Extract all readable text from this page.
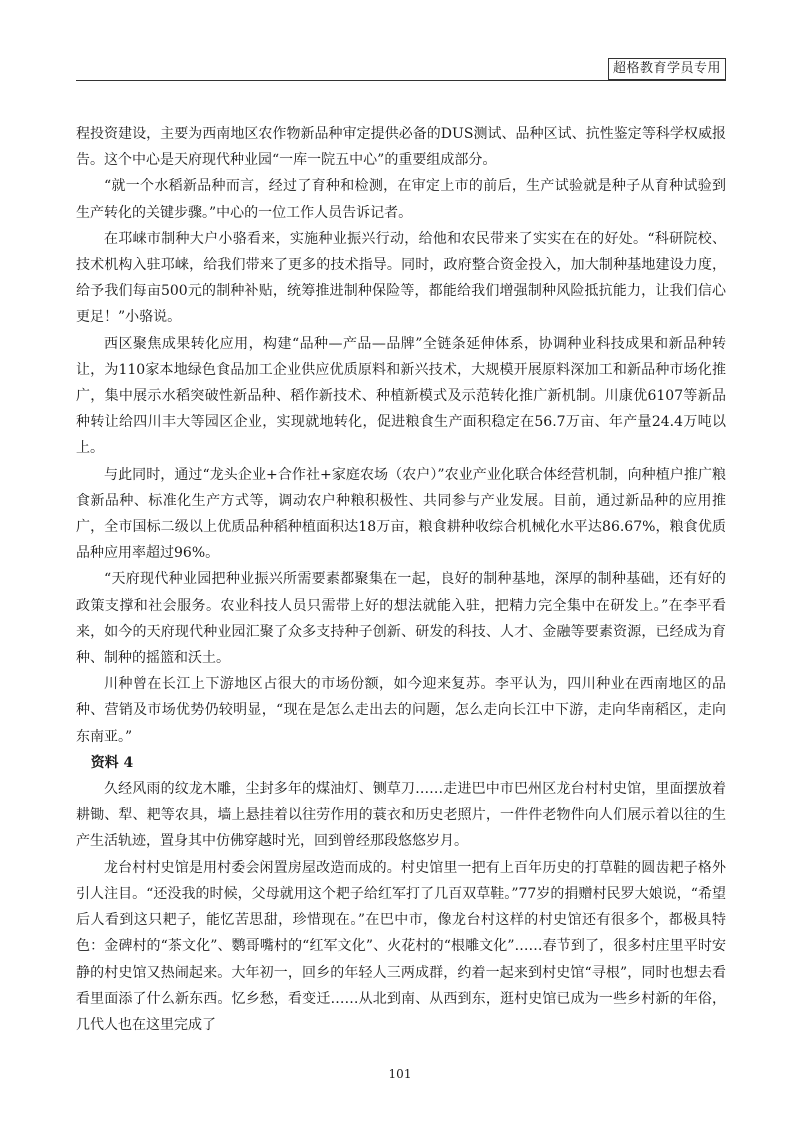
超格教育学员专用

程投资建设，主要为西南地区农作物新品种审定提供必备的DUS测试、品种区试、抗性鉴定等科学权威报告。这个中心是天府现代种业园“一库一院五中心”的重要组成部分。

“就一个水稻新品种而言，经过了育种和检测，在审定上市的前后，生产试验就是种子从育种试验到生产转化的关键步骤。”中心的一位工作人员告诉记者。

在邛崃市制种大户小骆看来，实施种业振兴行动，给他和农民带来了实实在在的好处。“科研院校、技术机构入驻邛崃，给我们带来了更多的技术指导。同时，政府整合资金投入，加大制种基地建设力度，给予我们每亩500元的制种补贴，统筹推进制种保险等，都能给我们增强制种风险抵抗能力，让我们信心更足！”小骆说。

西区聚焦成果转化应用，构建“品种—产品—品牌”全链条延伸体系，协调种业科技成果和新品种转让，为110家本地绿色食品加工企业供应优质原料和新兴技术，大规模开展原料深加工和新品种市场化推广，集中展示水稻突破性新品种、稻作新技术、种植新模式及示范转化推广新机制。川康优6107等新品种转让给四川丰大等园区企业，实现就地转化，促进粮食生产面积稳定在56.7万亩、年产量24.4万吨以上。

与此同时，通过“龙头企业+合作社+家庭农场（农户）”农业产业化联合体经营机制，向种植户推广粮食新品种、标准化生产方式等，调动农户种粮积极性、共同参与产业发展。目前，通过新品种的应用推广，全市国标二级以上优质品种稻种植面积达18万亩，粮食耕种收综合机械化水平达86.67%，粮食优质品种应用率超过96%。

“天府现代种业园把种业振兴所需要素都聚集在一起，良好的制种基地，深厚的制种基础，还有好的政策支撑和社会服务。农业科技人员只需带上好的想法就能入驻，把精力完全集中在研发上。”在李平看来，如今的天府现代种业园汇聚了众多支持种子创新、研发的科技、人才、金融等要素资源，已经成为育种、制种的摇篮和沃土。

川种曾在长江上下游地区占很大的市场份额，如今迎来复苏。李平认为，四川种业在西南地区的品种、营销及市场优势仍较明显，“现在是怎么走出去的问题，怎么走向长江中下游，走向华南稻区，走向东南亚。”

资料 4

久经风雨的纹龙木雕，尘封多年的煤油灯、铡草刀……走进巴中市巴州区龙台村村史馆，里面摆放着耕锄、犁、耙等农具，墙上悬挂着以往劳作用的蓑衣和历史老照片，一件件老物件向人们展示着以往的生产生活轨迹，置身其中仿佛穿越时光，回到曾经那段悠悠岁月。

龙台村村史馆是用村委会闲置房屋改造而成的。村史馆里一把有上百年历史的打草鞋的圆齿耙子格外引人注目。“还没我的时候，父母就用这个耙子给红军打了几百双草鞋。”77岁的捐赠村民罗大娘说，“希望后人看到这只耙子，能忆苦思甜，珍惜现在。”在巴中市，像龙台村这样的村史馆还有很多个，都极具特色：金碑村的“茶文化”、鹦哥嘴村的“红军文化”、火花村的“根雕文化”……春节到了，很多村庄里平时安静的村史馆又热闹起来。大年初一，回乡的年轻人三两成群，约着一起来到村史馆“寻根”，同时也想去看看里面添了什么新东西。忆乡愁，看变迁……从北到南、从西到东，逛村史馆已成为一些乡村新的年俗，几代人也在这里完成了

101
